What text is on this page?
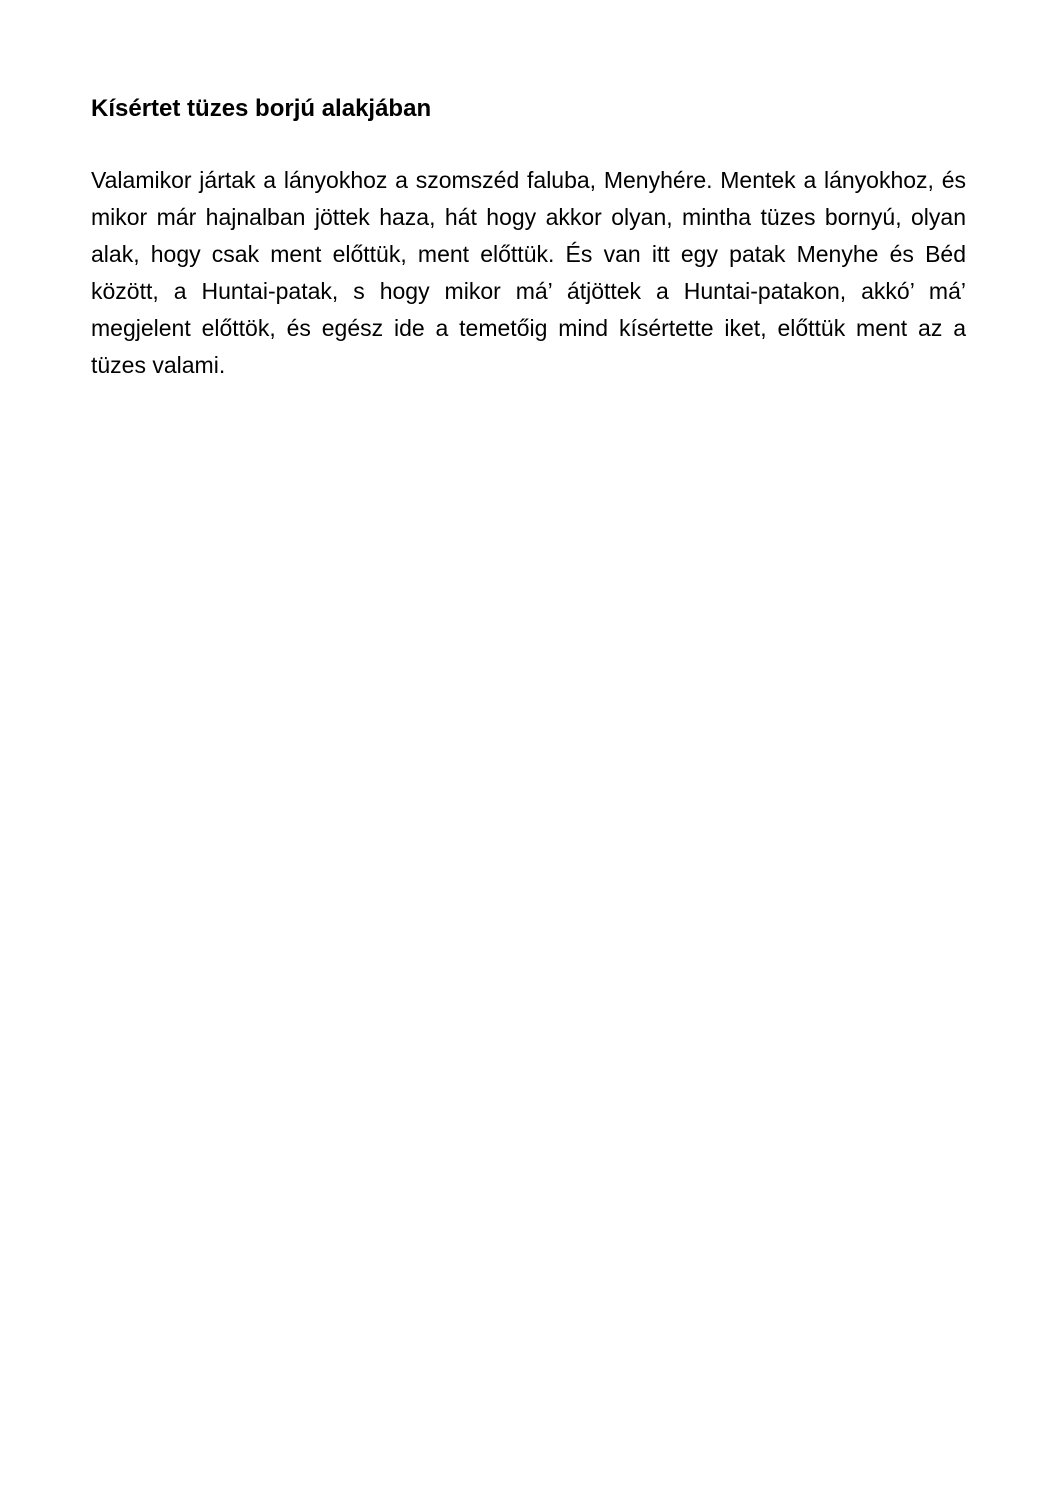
Kísértet tüzes borjú alakjában

Valamikor jártak a lányokhoz a szomszéd faluba, Menyhére. Mentek a lányokhoz, és mikor már hajnalban jöttek haza, hát hogy akkor olyan, mintha tüzes bornyú, olyan alak, hogy csak ment előttük, ment előttük. És van itt egy patak Menyhe és Béd között, a Huntai-patak, s hogy mikor má’ átjöttek a Huntai-patakon, akkó’ má’ megjelent előttök, és egész ide a temetőig mind kísértette iket, előttük ment az a tüzes valami.
